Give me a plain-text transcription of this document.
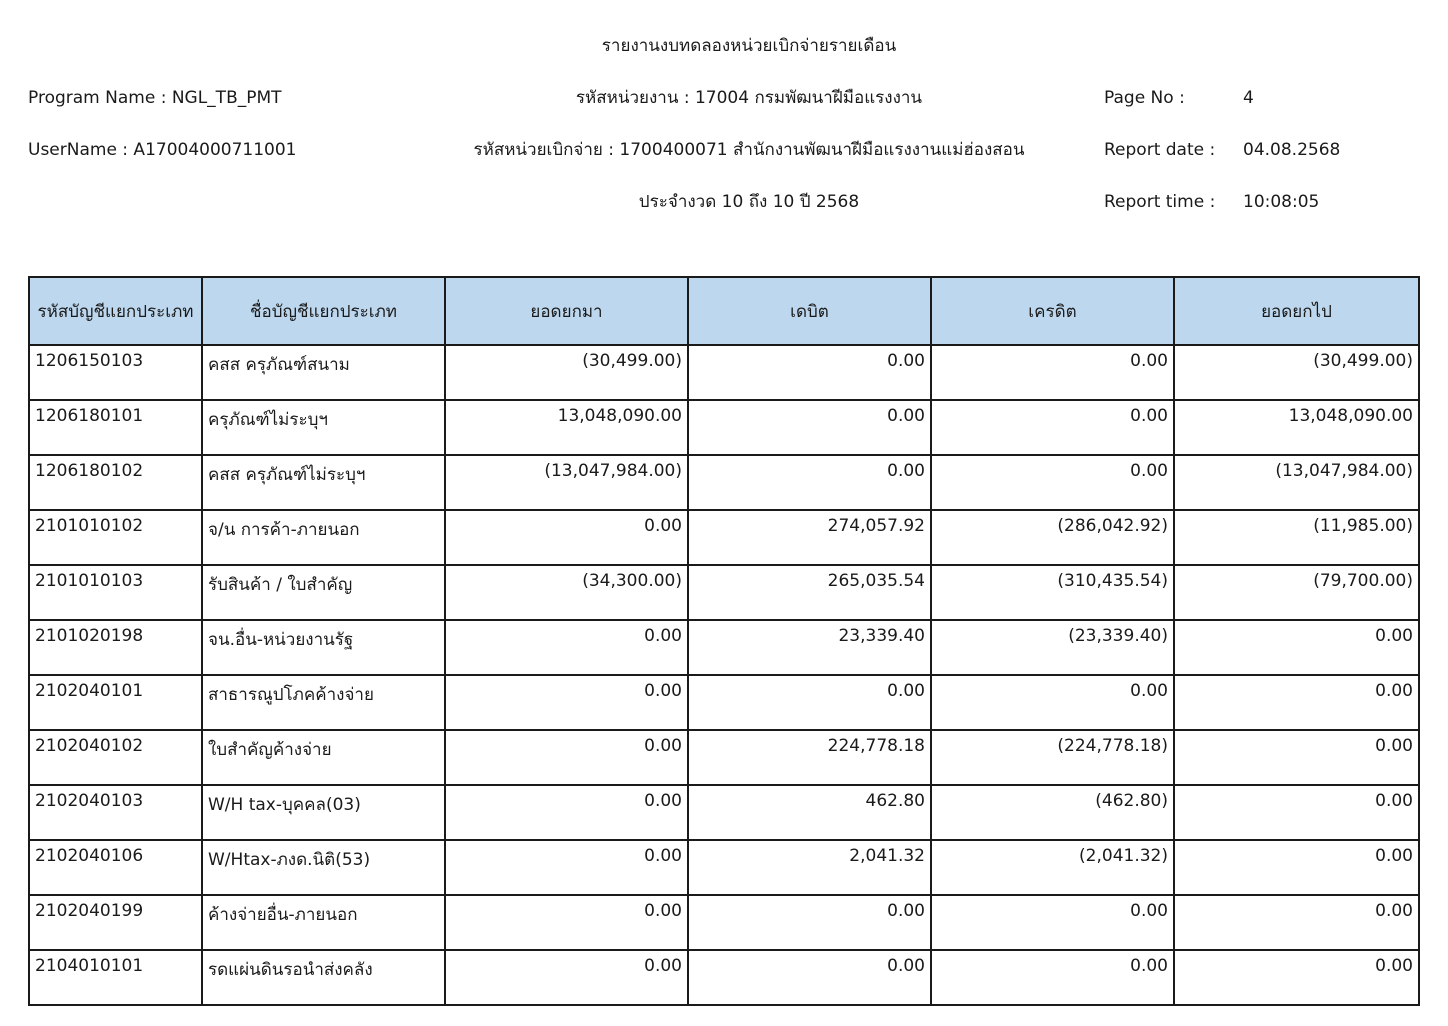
รายงานงบทดลองหน่วยเบิกจ่ายรายเดือน
Program Name : NGL_TB_PMT	รหัสหน่วยงาน : 17004 กรมพัฒนาฝีมือแรงงาน	Page No :	4
UserName : A17004000711001	รหัสหน่วยเบิกจ่าย : 1700400071 สำนักงานพัฒนาฝีมือแรงงานแม่ฮ่องสอน	Report date : 04.08.2568
ประจำงวด 10 ถึง 10 ปี 2568	Report time : 10:08:05
รหัสบัญชีแยกประเภท	ชื่อบัญชีแยกประเภท	ยอดยกมา	เดบิต	เครดิต	ยอดยกไป
1206150103	คสส ครุภัณฑ์สนาม	(30,499.00)	0.00	0.00	(30,499.00)
1206180101	ครุภัณฑ์ไม่ระบุฯ	13,048,090.00	0.00	0.00	13,048,090.00
1206180102	คสส ครุภัณฑ์ไม่ระบุฯ	(13,047,984.00)	0.00	0.00	(13,047,984.00)
2101010102	จ/น การค้า-ภายนอก	0.00	274,057.92	(286,042.92)	(11,985.00)
2101010103	รับสินค้า / ใบสำคัญ	(34,300.00)	265,035.54	(310,435.54)	(79,700.00)
2101020198	จน.อื่น-หน่วยงานรัฐ	0.00	23,339.40	(23,339.40)	0.00
2102040101	สาธารณูปโภคค้างจ่าย	0.00	0.00	0.00	0.00
2102040102	ใบสำคัญค้างจ่าย	0.00	224,778.18	(224,778.18)	0.00
2102040103	W/H tax-บุคคล(03)	0.00	462.80	(462.80)	0.00
2102040106	W/Htax-ภงด.นิติ(53)	0.00	2,041.32	(2,041.32)	0.00
2102040199	ค้างจ่ายอื่น-ภายนอก	0.00	0.00	0.00	0.00
2104010101	รดแผ่นดินรอนำส่งคลัง	0.00	0.00	0.00	0.00
